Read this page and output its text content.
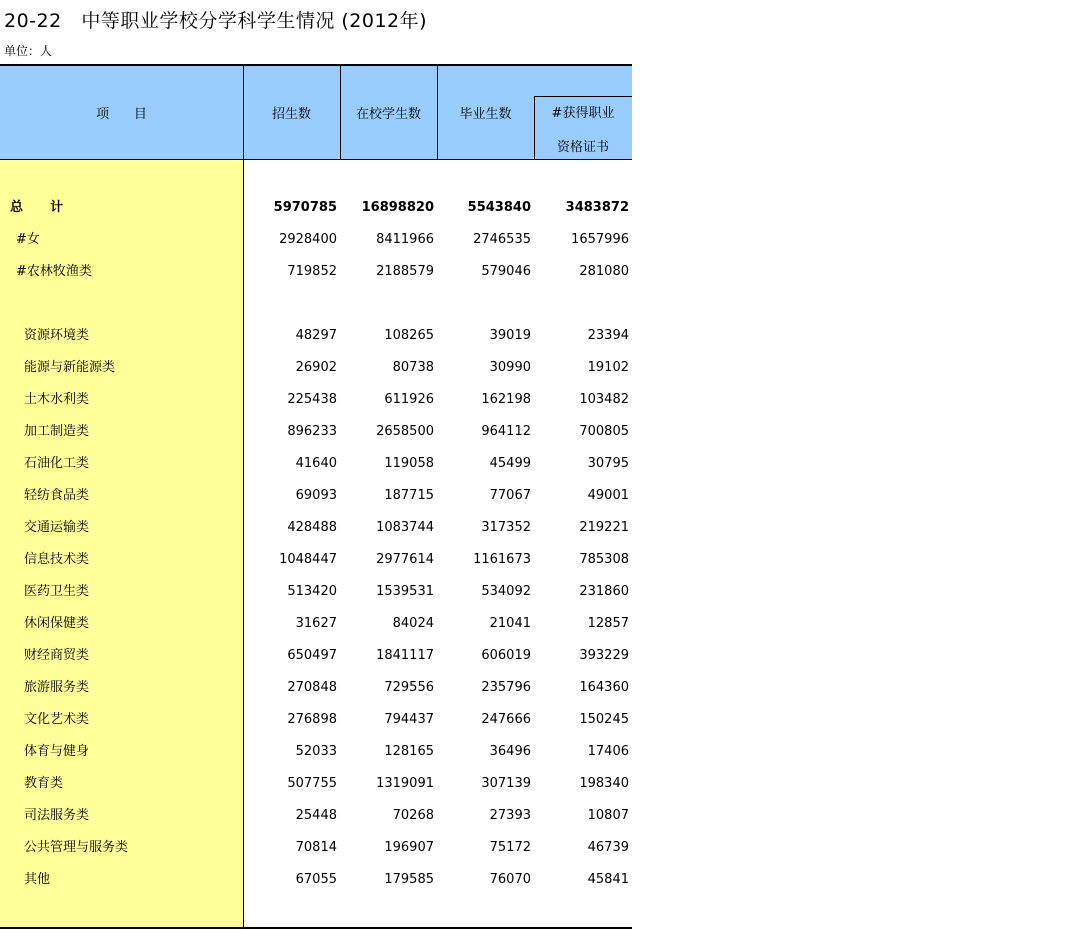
20-22   中等职业学校分学科学生情况 (2012年)
单位：人
项      目	招生数	在校学生数	毕业生数	#获得职业
资格证书
总      计	5970785	16898820	5543840	3483872
#女	2928400	8411966	2746535	1657996
#农林牧渔类	719852	2188579	579046	281080
资源环境类	48297	108265	39019	23394
能源与新能源类	26902	80738	30990	19102
土木水利类	225438	611926	162198	103482
加工制造类	896233	2658500	964112	700805
石油化工类	41640	119058	45499	30795
轻纺食品类	69093	187715	77067	49001
交通运输类	428488	1083744	317352	219221
信息技术类	1048447	2977614	1161673	785308
医药卫生类	513420	1539531	534092	231860
休闲保健类	31627	84024	21041	12857
财经商贸类	650497	1841117	606019	393229
旅游服务类	270848	729556	235796	164360
文化艺术类	276898	794437	247666	150245
体育与健身	52033	128165	36496	17406
教育类	507755	1319091	307139	198340
司法服务类	25448	70268	27393	10807
公共管理与服务类	70814	196907	75172	46739
其他	67055	179585	76070	45841
